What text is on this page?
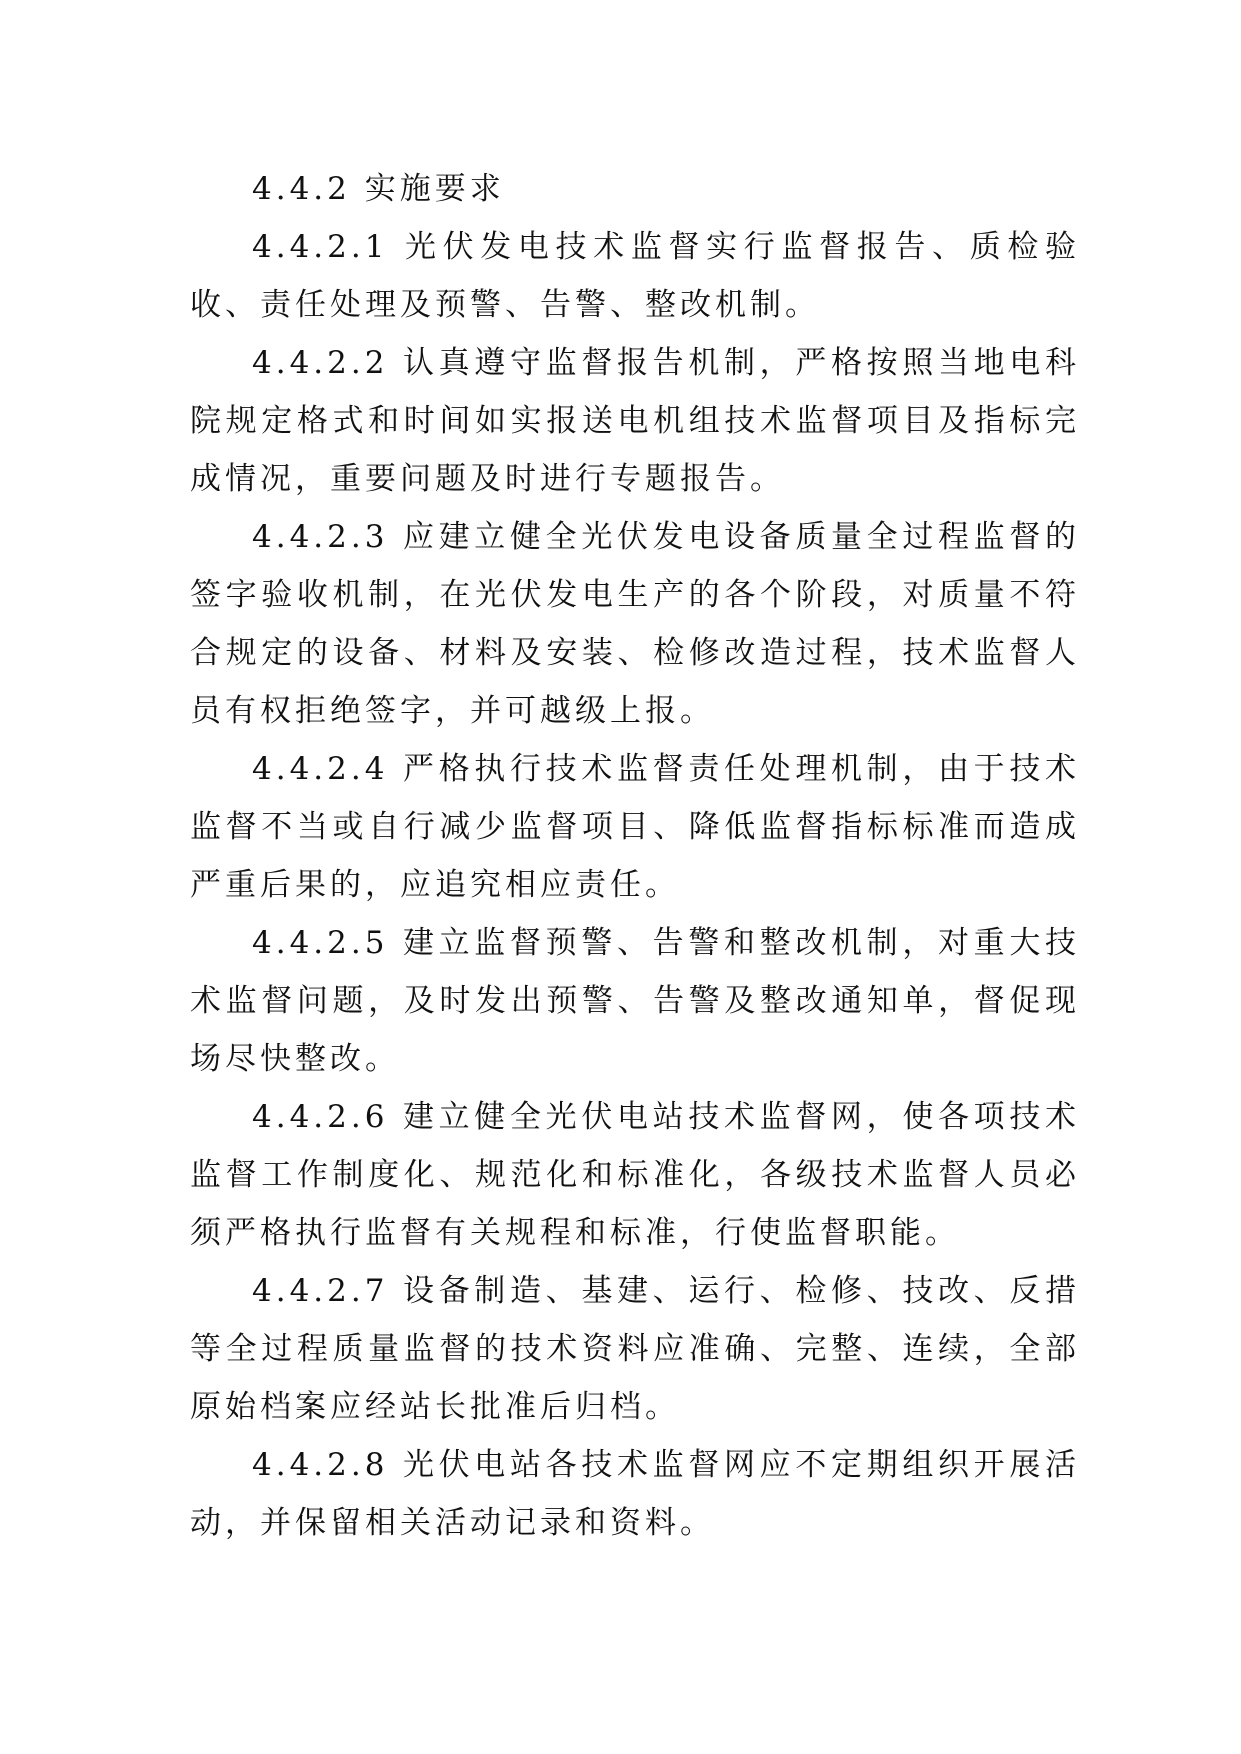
4.4.2 实施要求

4.4.2.1 光伏发电技术监督实行监督报告、质检验收、责任处理及预警、告警、整改机制。

4.4.2.2 认真遵守监督报告机制，严格按照当地电科院规定格式和时间如实报送电机组技术监督项目及指标完成情况，重要问题及时进行专题报告。

4.4.2.3 应建立健全光伏发电设备质量全过程监督的签字验收机制，在光伏发电生产的各个阶段，对质量不符合规定的设备、材料及安装、检修改造过程，技术监督人员有权拒绝签字，并可越级上报。

4.4.2.4 严格执行技术监督责任处理机制，由于技术监督不当或自行减少监督项目、降低监督指标标准而造成严重后果的，应追究相应责任。

4.4.2.5 建立监督预警、告警和整改机制，对重大技术监督问题，及时发出预警、告警及整改通知单，督促现场尽快整改。

4.4.2.6 建立健全光伏电站技术监督网，使各项技术监督工作制度化、规范化和标准化，各级技术监督人员必须严格执行监督有关规程和标准，行使监督职能。

4.4.2.7 设备制造、基建、运行、检修、技改、反措等全过程质量监督的技术资料应准确、完整、连续，全部原始档案应经站长批准后归档。

4.4.2.8 光伏电站各技术监督网应不定期组织开展活动，并保留相关活动记录和资料。
